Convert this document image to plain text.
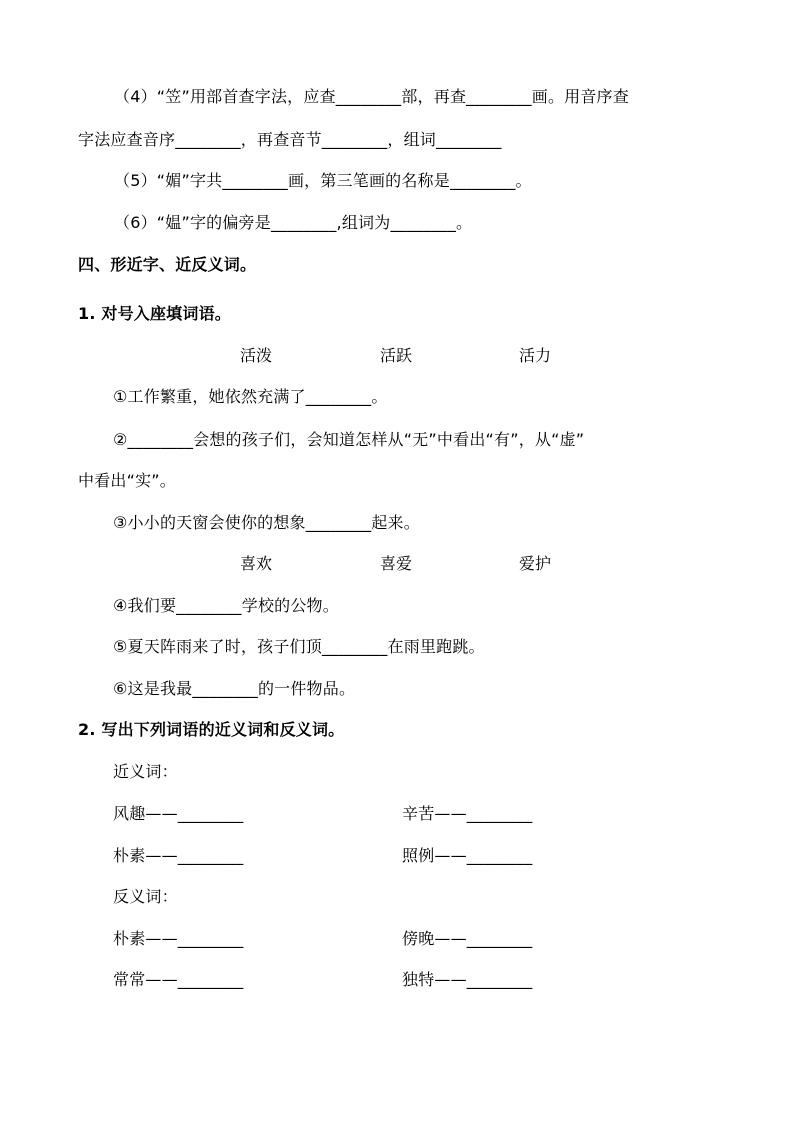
（4）“笠”用部首查字法，应查________部，再查________画。用音序查
字法应查音序________，再查音节________，组词________
（5）“媚”字共________画，第三笔画的名称是________。
（6）“媪”字的偏旁是________,组词为________。
四、形近字、近反义词。
1. 对号入座填词语。
活泼	活跃	活力
①工作繁重，她依然充满了________。
②________会想的孩子们，会知道怎样从“无”中看出“有”，从“虚”
中看出“实”。
③小小的天窗会使你的想象________起来。
喜欢	喜爱	爱护
④我们要________学校的公物。
⑤夏天阵雨来了时，孩子们顶________在雨里跑跳。
⑥这是我最________的一件物品。
2. 写出下列词语的近义词和反义词。
近义词：
风趣——________	辛苦——________
朴素——________	照例——________
反义词：
朴素——________	傍晚——________
常常——________	独特——________
